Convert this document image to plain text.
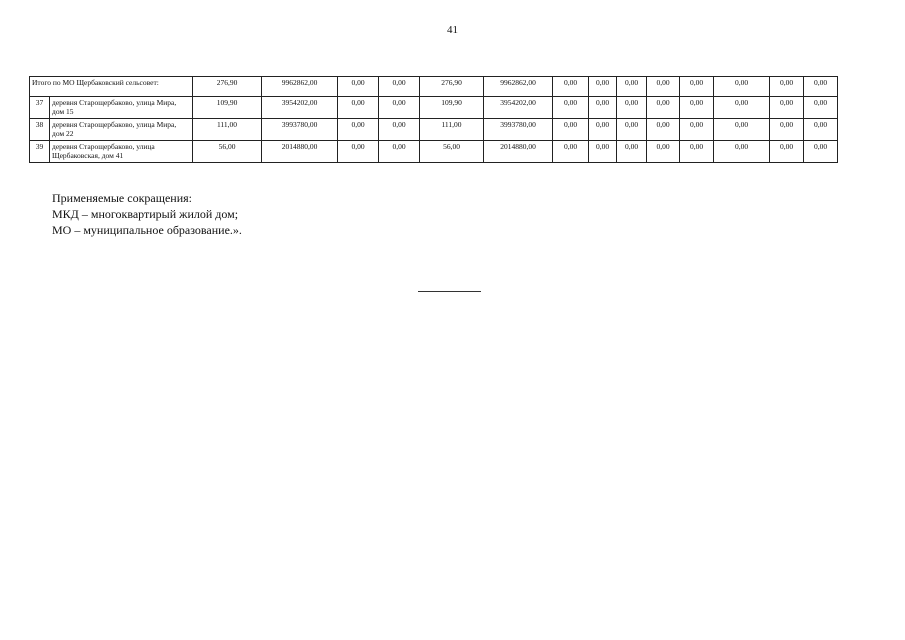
41
Итого по МО Щербаковский сельсовет:		276,90	9962862,00	0,00	0,00	276,90	9962862,00	0,00	0,00	0,00	0,00	0,00	0,00	0,00	0,00
37	деревня Старощербаково, улица Мира, дом 15	109,90	3954202,00	0,00	0,00	109,90	3954202,00	0,00	0,00	0,00	0,00	0,00	0,00	0,00	0,00
38	деревня Старощербаково, улица Мира, дом 22	111,00	3993780,00	0,00	0,00	111,00	3993780,00	0,00	0,00	0,00	0,00	0,00	0,00	0,00	0,00
39	деревня Старощербаково, улица Щербаковская, дом 41	56,00	2014880,00	0,00	0,00	56,00	2014880,00	0,00	0,00	0,00	0,00	0,00	0,00	0,00	0,00
Применяемые сокращения:
МКД – многоквартирый жилой дом;
МО – муниципальное образование.».
